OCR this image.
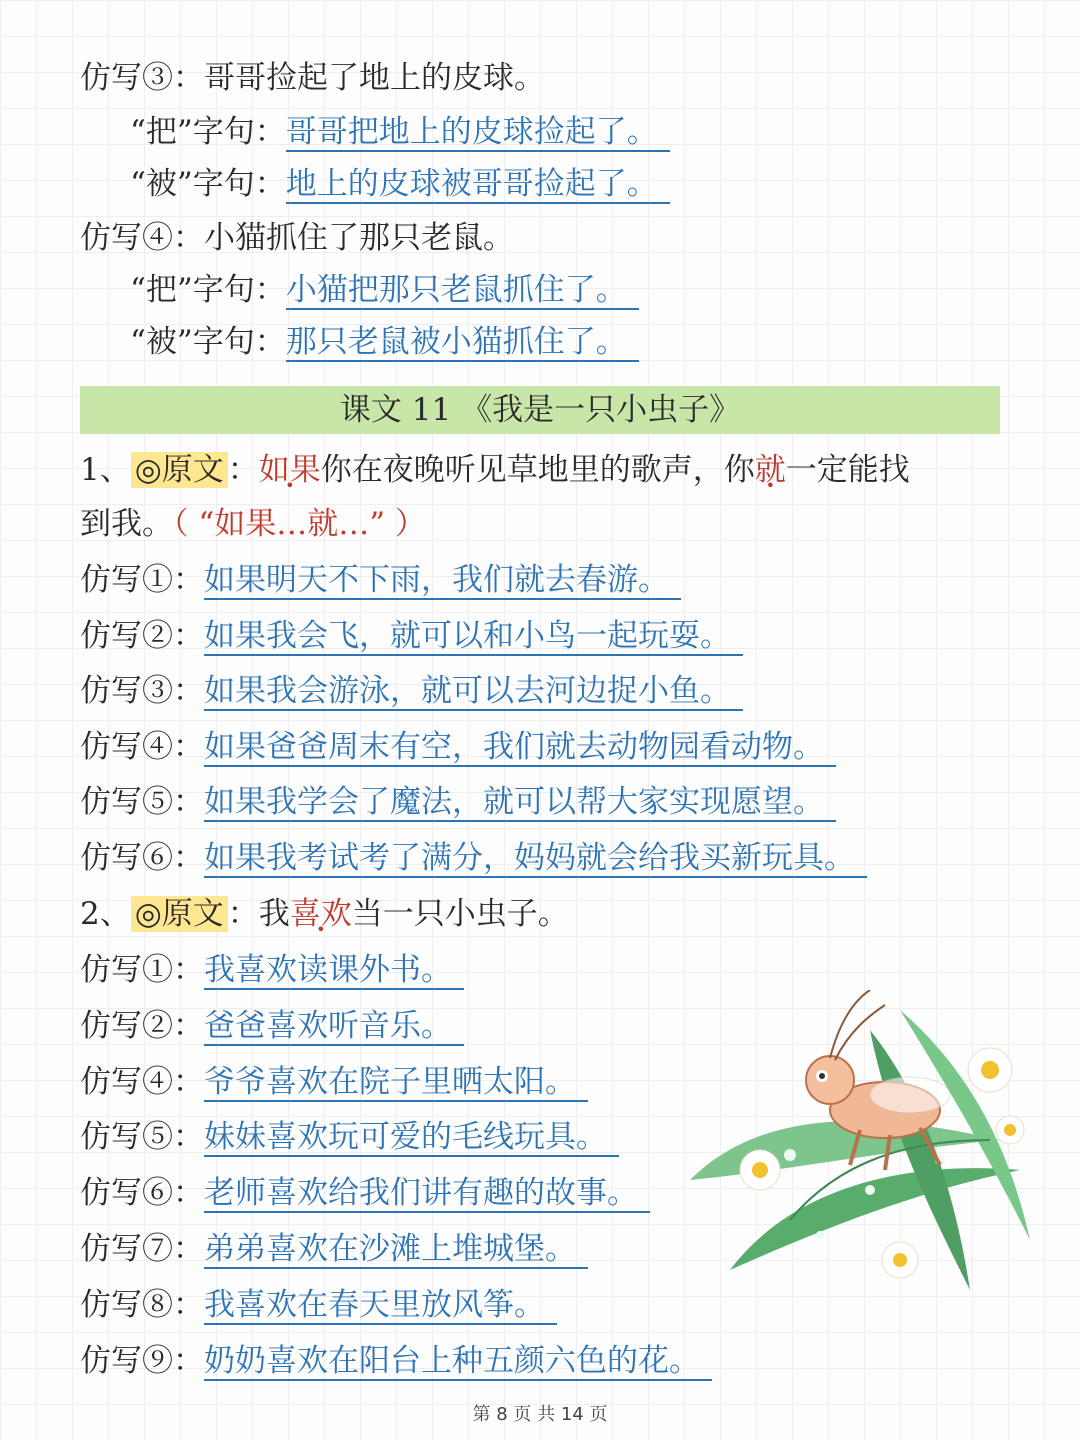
仿写③：哥哥捡起了地上的皮球。
“把”字句：哥哥把地上的皮球捡起了。
“被”字句：地上的皮球被哥哥捡起了。
仿写④：小猫抓住了那只老鼠。
“把”字句：小猫把那只老鼠抓住了。
“被”字句：那只老鼠被小猫抓住了。
课文 11 《我是一只小虫子》
1、 ◎原文 ：如果你在夜晚听见草地里的歌声，你就一定能找
到我。（ “如果…就…” ）
仿写①：如果明天不下雨，我们就去春游。
仿写②：如果我会飞，就可以和小鸟一起玩耍。
仿写③：如果我会游泳，就可以去河边捉小鱼。
仿写④：如果爸爸周末有空，我们就去动物园看动物。
仿写⑤：如果我学会了魔法，就可以帮大家实现愿望。
仿写⑥：如果我考试考了满分，妈妈就会给我买新玩具。
2、 ◎原文 ：我喜欢当一只小虫子。
仿写①：我喜欢读课外书。
仿写②：爸爸喜欢听音乐。
仿写④：爷爷喜欢在院子里晒太阳。
仿写⑤：妹妹喜欢玩可爱的毛线玩具。
仿写⑥：老师喜欢给我们讲有趣的故事。
仿写⑦：弟弟喜欢在沙滩上堆城堡。
仿写⑧：我喜欢在春天里放风筝。
仿写⑨：奶奶喜欢在阳台上种五颜六色的花。
第 8 页 共 14 页
